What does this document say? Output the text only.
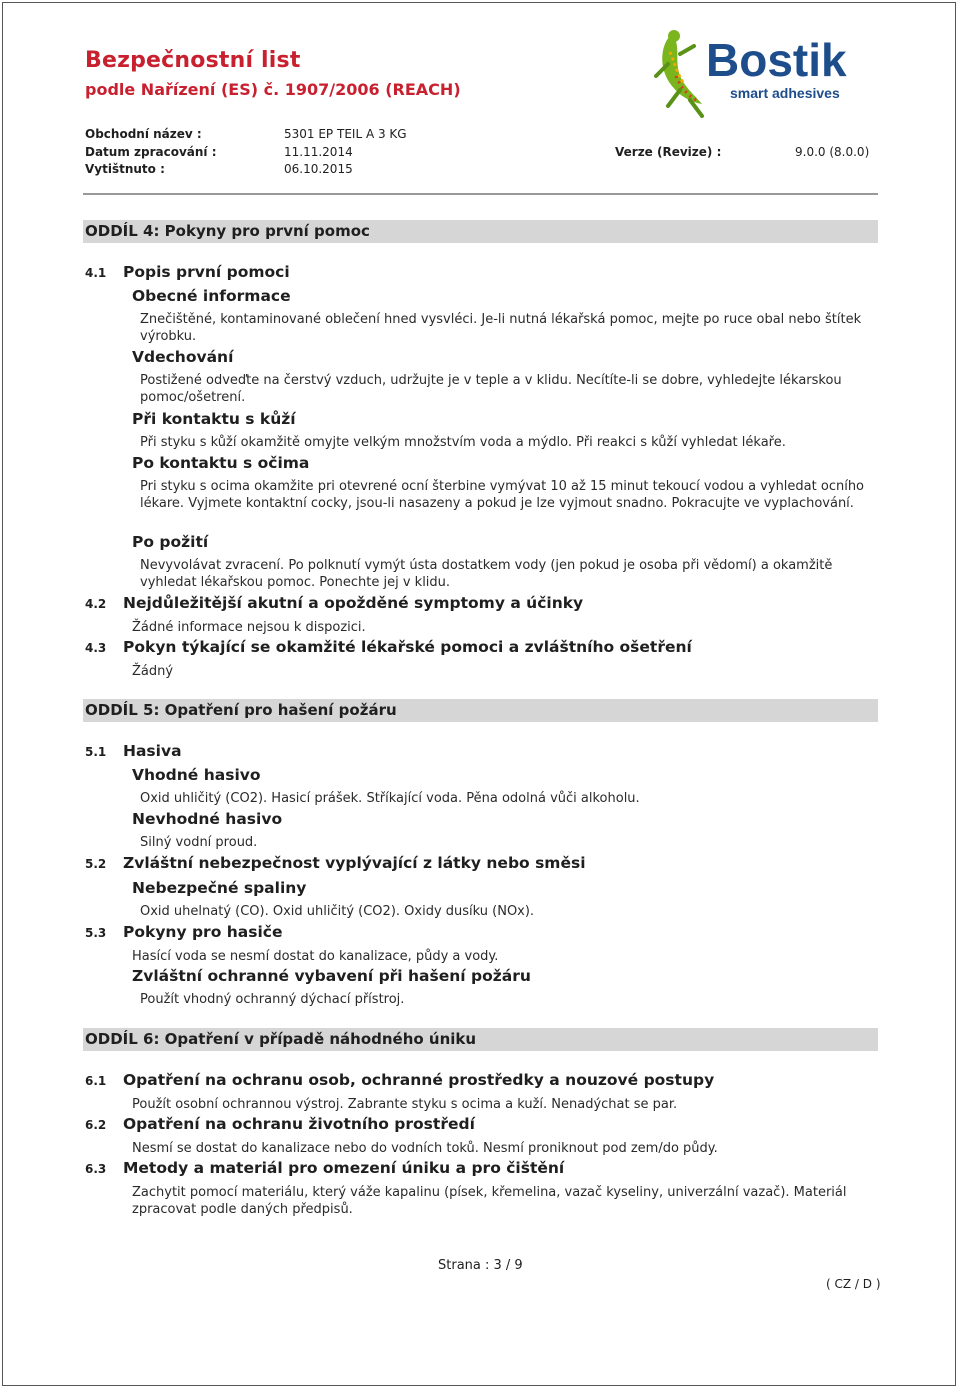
Bezpečnostní list
podle Nařízení (ES) č. 1907/2006 (REACH)
Bostik
smart adhesives
Obchodní název :	5301 EP TEIL A 3 KG
Datum zpracování :	11.11.2014	Verze (Revize) :	9.0.0 (8.0.0)
Vytištnuto :	06.10.2015
ODDÍL 4: Pokyny pro první pomoc
4.1 Popis první pomoci
Obecné informace
Znečištěné, kontaminované oblečení hned vysvléci. Je-li nutná lékařská pomoc, mejte po ruce obal nebo štítek výrobku.
Vdechování
Postižené odveďte na čerstvý vzduch, udržujte je v teple a v klidu. Necítíte-li se dobre, vyhledejte lékarskou pomoc/ošetrení.
Při kontaktu s kůží
Při styku s kůží okamžitě omyjte velkým množstvím voda a mýdlo. Při reakci s kůží vyhledat lékaře.
Po kontaktu s očima
Pri styku s ocima okamžite pri otevrené ocní šterbine vymývat 10 až 15 minut tekoucí vodou a vyhledat ocního lékare. Vyjmete kontaktní cocky, jsou-li nasazeny a pokud je lze vyjmout snadno. Pokracujte ve vyplachování.
Po požití
Nevyvolávat zvracení. Po polknutí vymýt ústa dostatkem vody (jen pokud je osoba při vědomí) a okamžitě vyhledat lékařskou pomoc. Ponechte jej v klidu.
4.2 Nejdůležitější akutní a opožděné symptomy a účinky
Žádné informace nejsou k dispozici.
4.3 Pokyn týkající se okamžité lékařské pomoci a zvláštního ošetření
Žádný
ODDÍL 5: Opatření pro hašení požáru
5.1 Hasiva
Vhodné hasivo
Oxid uhličitý (CO2). Hasicí prášek. Stříkající voda. Pěna odolná vůči alkoholu.
Nevhodné hasivo
Silný vodní proud.
5.2 Zvláštní nebezpečnost vyplývající z látky nebo směsi
Nebezpečné spaliny
Oxid uhelnatý (CO). Oxid uhličitý (CO2). Oxidy dusíku (NOx).
5.3 Pokyny pro hasiče
Hasící voda se nesmí dostat do kanalizace, půdy a vody.
Zvláštní ochranné vybavení při hašení požáru
Použít vhodný ochranný dýchací přístroj.
ODDÍL 6: Opatření v případě náhodného úniku
6.1 Opatření na ochranu osob, ochranné prostředky a nouzové postupy
Použít osobní ochrannou výstroj. Zabrante styku s ocima a kuží. Nenadýchat se par.
6.2 Opatření na ochranu životního prostředí
Nesmí se dostat do kanalizace nebo do vodních toků. Nesmí proniknout pod zem/do půdy.
6.3 Metody a materiál pro omezení úniku a pro čištění
Zachytit pomocí materiálu, který váže kapalinu (písek, křemelina, vazač kyseliny, univerzální vazač). Materiál zpracovat podle daných předpisů.
Strana : 3 / 9
( CZ / D )
